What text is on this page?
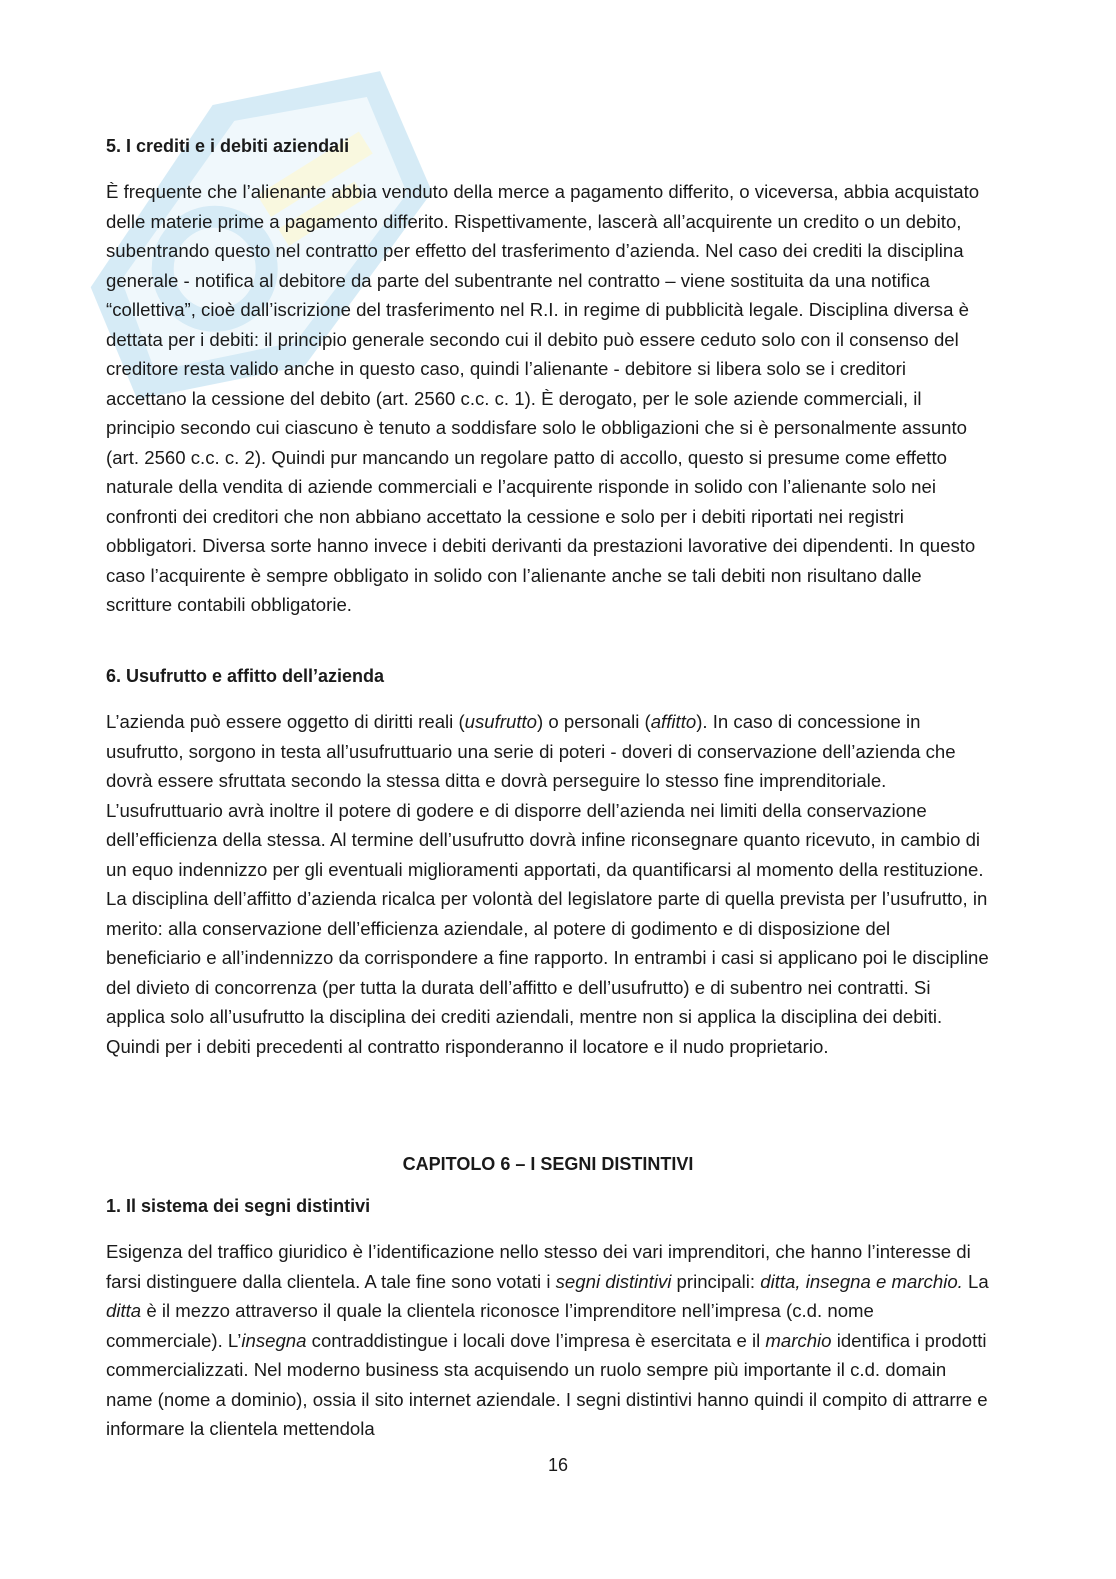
5. I crediti e i debiti aziendali

È frequente che l’alienante abbia venduto della merce a pagamento differito, o viceversa, abbia acquistato delle materie prime a pagamento differito. Rispettivamente, lascerà all’acquirente un credito o un debito, subentrando questo nel contratto per effetto del trasferimento d’azienda. Nel caso dei crediti la disciplina generale - notifica al debitore da parte del subentrante nel contratto – viene sostituita da una notifica “collettiva”, cioè dall’iscrizione del trasferimento nel R.I. in regime di pubblicità legale. Disciplina diversa è dettata per i debiti: il principio generale secondo cui il debito può essere ceduto solo con il consenso del creditore resta valido anche in questo caso, quindi l’alienante - debitore si libera solo se i creditori accettano la cessione del debito (art. 2560 c.c. c. 1). È derogato, per le sole aziende commerciali, il principio secondo cui ciascuno è tenuto a soddisfare solo le obbligazioni che si è personalmente assunto (art. 2560 c.c. c. 2). Quindi pur mancando un regolare patto di accollo, questo si presume come effetto naturale della vendita di aziende commerciali e l’acquirente risponde in solido con l’alienante solo nei confronti dei creditori che non abbiano accettato la cessione e solo per i debiti riportati nei registri obbligatori. Diversa sorte hanno invece i debiti derivanti da prestazioni lavorative dei dipendenti. In questo caso l’acquirente è sempre obbligato in solido con l’alienante anche se tali debiti non risultano dalle scritture contabili obbligatorie.

6. Usufrutto e affitto dell’azienda

L’azienda può essere oggetto di diritti reali (usufrutto) o personali (affitto). In caso di concessione in usufrutto, sorgono in testa all’usufruttuario una serie di poteri - doveri di conservazione dell’azienda che dovrà essere sfruttata secondo la stessa ditta e dovrà perseguire lo stesso fine imprenditoriale. L’usufruttuario avrà inoltre il potere di godere e di disporre dell’azienda nei limiti della conservazione dell’efficienza della stessa. Al termine dell’usufrutto dovrà infine riconsegnare quanto ricevuto, in cambio di un equo indennizzo per gli eventuali miglioramenti apportati, da quantificarsi al momento della restituzione. La disciplina dell’affitto d’azienda ricalca per volontà del legislatore parte di quella prevista per l’usufrutto, in merito: alla conservazione dell’efficienza aziendale, al potere di godimento e di disposizione del beneficiario e all’indennizzo da corrispondere a fine rapporto. In entrambi i casi si applicano poi le discipline del divieto di concorrenza (per tutta la durata dell’affitto e dell’usufrutto) e di subentro nei contratti. Si applica solo all’usufrutto la disciplina dei crediti aziendali, mentre non si applica la disciplina dei debiti. Quindi per i debiti precedenti al contratto risponderanno il locatore e il nudo proprietario.

CAPITOLO 6 – I SEGNI DISTINTIVI
1. Il sistema dei segni distintivi

Esigenza del traffico giuridico è l’identificazione nello stesso dei vari imprenditori, che hanno l’interesse di farsi distinguere dalla clientela. A tale fine sono votati i segni distintivi principali: ditta, insegna e marchio. La ditta è il mezzo attraverso il quale la clientela riconosce l’imprenditore nell’impresa (c.d. nome commerciale). L’insegna contraddistingue i locali dove l’impresa è esercitata e il marchio identifica i prodotti commercializzati. Nel moderno business sta acquisendo un ruolo sempre più importante il c.d. domain name (nome a dominio), ossia il sito internet aziendale. I segni distintivi hanno quindi il compito di attrarre e informare la clientela mettendola

16
